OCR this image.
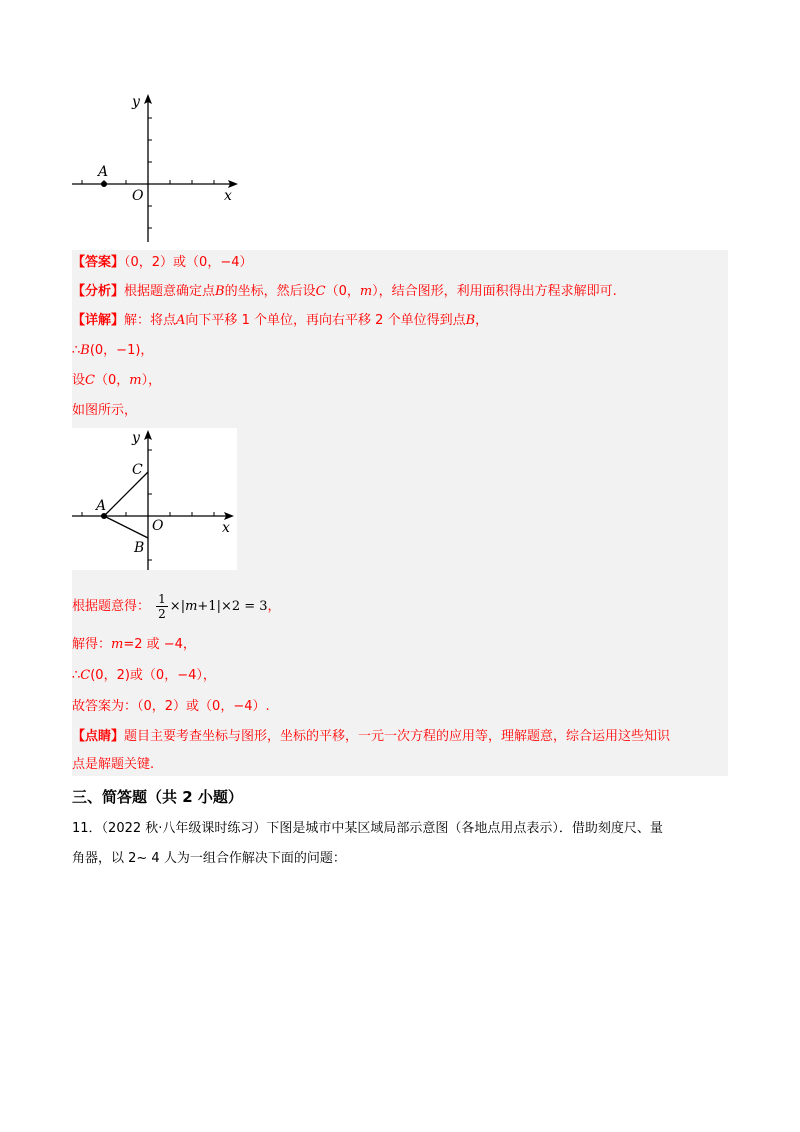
y
A
O	x
【答案】（0，2）或（0，−4）
【分析】根据题意确定点B的坐标，然后设C（0，m），结合图形，利用面积得出方程求解即可.
【详解】解：将点A向下平移 1 个单位，再向右平移 2 个单位得到点B，
∴B(0，−1)，
设C（0，m），
如图所示，
y
C
A
O
B
x
根据题意得： $\frac{1}{2} \times|m+1|\times 2 = 3$，
解得：m=2 或 −4，
∴C(0，2)或（0，−4），
故答案为：（0，2）或（0，−4）.
【点睛】题目主要考查坐标与图形，坐标的平移，一元一次方程的应用等，理解题意，综合运用这些知识
点是解题关键.
三、简答题（共 2 小题）
11．（2022 秋·八年级课时练习）下图是城市中某区域局部示意图（各地点用点表示）．借助刻度尺、量
角器，以 2~ 4 人为一组合作解决下面的问题：
